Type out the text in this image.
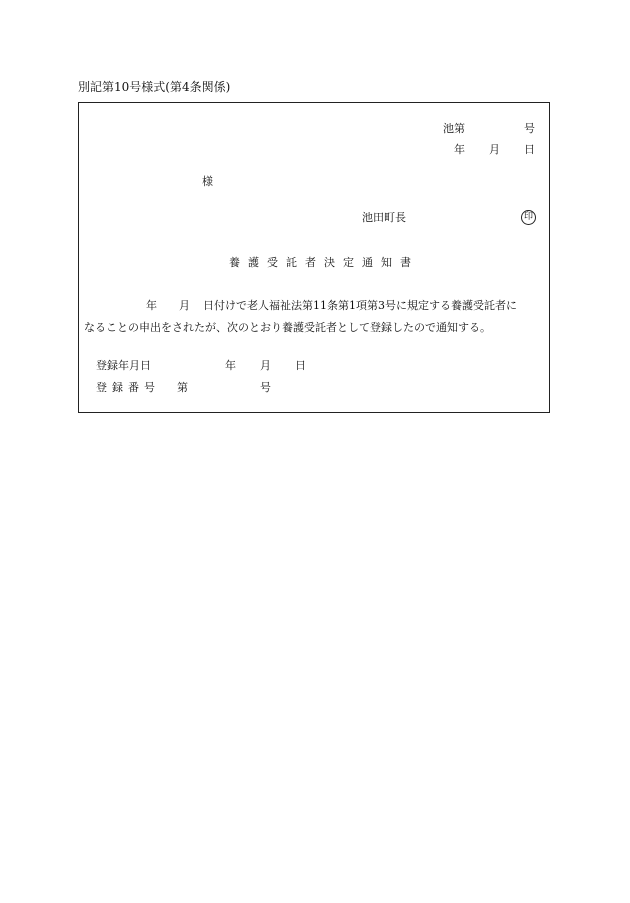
別記第10号様式(第4条関係)
池第	号
年 月 日
様
池田町長	印
養護受託者決定通知書
年 月 日付けで老人福祉法第11条第1項第3号に規定する養護受託者に
なることの申出をされたが、次のとおり養護受託者として登録したので通知する。
登録年月日	年 月 日
登録番号 第	号
